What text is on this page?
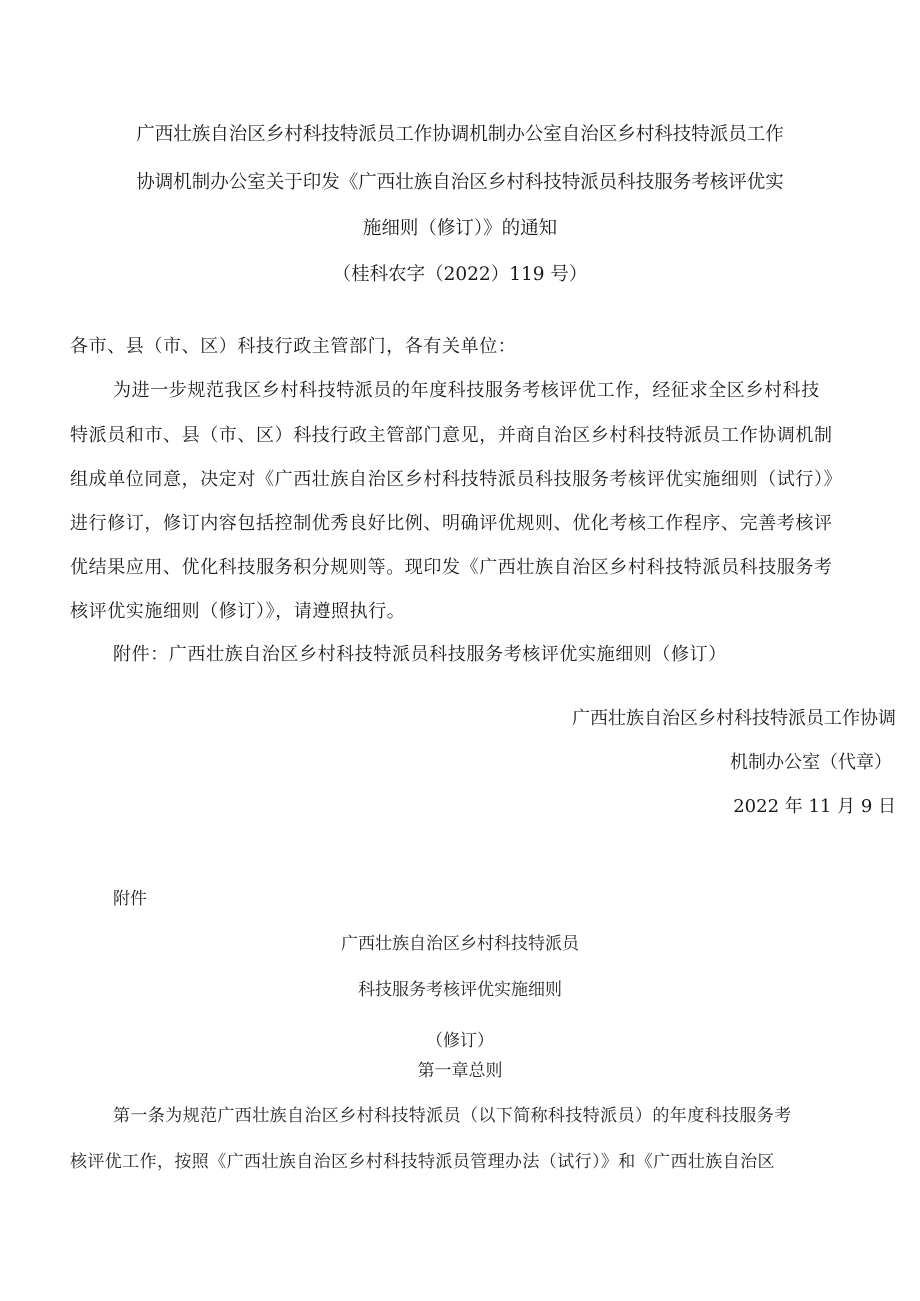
广西壮族自治区乡村科技特派员工作协调机制办公室自治区乡村科技特派员工作
协调机制办公室关于印发《广西壮族自治区乡村科技特派员科技服务考核评优实
施细则（修订）》的通知
（桂科农字（2022）119 号）
各市、县（市、区）科技行政主管部门，各有关单位：
为进一步规范我区乡村科技特派员的年度科技服务考核评优工作，经征求全区乡村科技
特派员和市、县（市、区）科技行政主管部门意见，并商自治区乡村科技特派员工作协调机制
组成单位同意，决定对《广西壮族自治区乡村科技特派员科技服务考核评优实施细则（试行）》
进行修订，修订内容包括控制优秀良好比例、明确评优规则、优化考核工作程序、完善考核评
优结果应用、优化科技服务积分规则等。现印发《广西壮族自治区乡村科技特派员科技服务考
核评优实施细则（修订）》，请遵照执行。
附件：广西壮族自治区乡村科技特派员科技服务考核评优实施细则（修订）
广西壮族自治区乡村科技特派员工作协调
机制办公室（代章）
2022 年 11 月 9 日
附件
广西壮族自治区乡村科技特派员
科技服务考核评优实施细则
（修订）
第一章总则
第一条为规范广西壮族自治区乡村科技特派员（以下简称科技特派员）的年度科技服务考
核评优工作，按照《广西壮族自治区乡村科技特派员管理办法（试行）》和《广西壮族自治区
